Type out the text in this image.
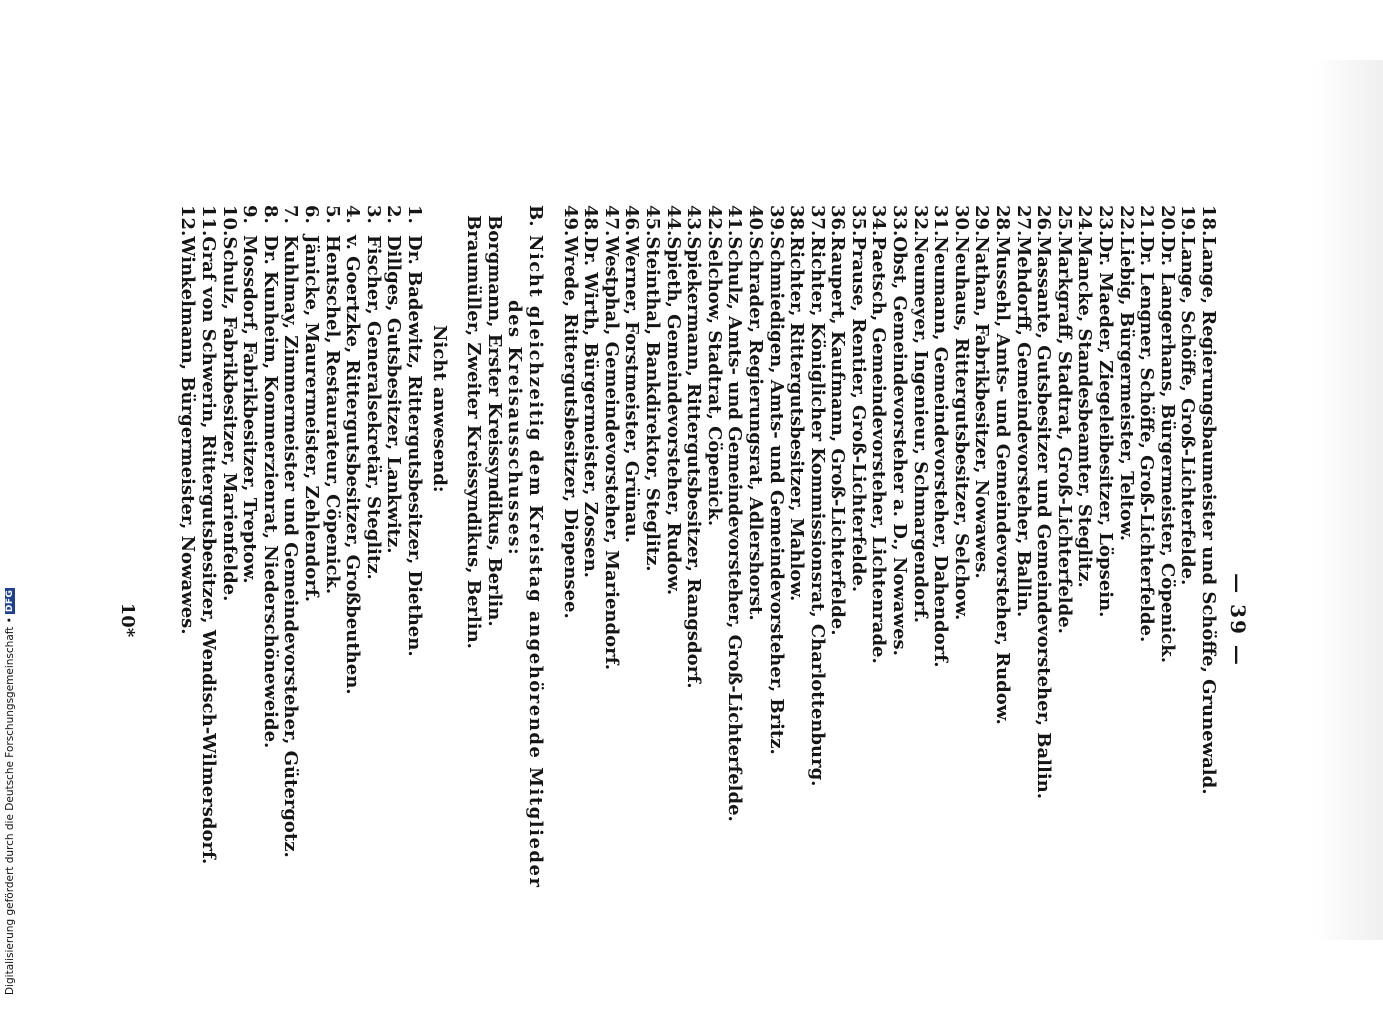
— 39 —
18.Lange, Regierungsbaumeister und Schöffe, Grunewald.
19.Lange, Schöffe, Groß-Lichterfelde.
20.Dr. Langerhans, Bürgermeister, Cöpenick.
21.Dr. Lengner, Schöffe, Groß-Lichterfelde.
22.Liebig, Bürgermeister, Teltow.
23.Dr. Maeder, Ziegeleibesitzer, Löpsein.
24.Mancke, Standesbeamter, Steglitz.
25.Markgraff, Stadtrat, Groß-Lichterfelde.
26.Massante, Gutsbesitzer und Gemeindevorsteher, Ballin.
27.Mehdorff, Gemeindevorsteher, Ballin.
28.Mussehl, Amts- und Gemeindevorsteher, Rudow.
29.Nathan, Fabrikbesitzer, Nowawes.
30.Neuhaus, Rittergutsbesitzer, Selchow.
31.Neumann, Gemeindevorsteher, Dahendorf.
32.Neumeyer, Ingenieur, Schmargendorf.
33.Obst, Gemeindevorsteher a. D., Nowawes.
34.Paetsch, Gemeindevorsteher, Lichtenrade.
35.Prause, Rentier, Groß-Lichterfelde.
36.Raupert, Kaufmann, Groß-Lichterfelde.
37.Richter, Königlicher Kommissionsrat, Charlottenburg.
38.Richter, Rittergutsbesitzer, Mahlow.
39.Schmiedigen, Amts- und Gemeindevorsteher, Britz.
40.Schrader, Regierungsrat, Adlershorst.
41.Schulz, Amts- und Gemeindevorsteher, Groß-Lichterfelde.
42.Selchow, Stadtrat, Cöpenick.
43.Spiekermann, Rittergutsbesitzer, Rangsdorf.
44.Spieth, Gemeindevorsteher, Rudow.
45.Steinthal, Bankdirektor, Steglitz.
46.Werner, Forstmeister, Grünau.
47.Westphal, Gemeindevorsteher, Mariendorf.
48.Dr. Wirth, Bürgermeister, Zossen.
49.Wrede, Rittergutsbesitzer, Diepensee.
B.Nicht gleichzeitig dem Kreistag angehörende Mitglieder
des Kreisausschusses:
Borgmann, Erster Kreissyndikus, Berlin.
Braumüller, Zweiter Kreissyndikus, Berlin.
Nicht anwesend:
1.Dr. Badewitz, Rittergutsbesitzer, Diethen.
2.Dillges, Gutsbesitzer, Lankwitz.
3.Fischer, Generalsekretär, Steglitz.
4.v. Goertzke, Rittergutsbesitzer, Großbeuthen.
5.Hentschel, Restaurateur, Cöpenick.
6.Jänicke, Maurermeister, Zehlendorf.
7.Kuhlmay, Zimmermeister und Gemeindevorsteher, Gütergotz.
8.Dr. Kunheim, Kommerzienrat, Niederschöneweide.
9.Mossdorf, Fabrikbesitzer, Treptow.
10.Schulz, Fabrikbesitzer, Marienfelde.
11.Graf von Schwerin, Rittergutsbesitzer, Wendisch-Wilmersdorf.
12.Winkelmann, Bürgermeister, Nowawes.
10*
Digitalisierung gefördert durch die Deutsche Forschungsgemeinschaft •
DFG
